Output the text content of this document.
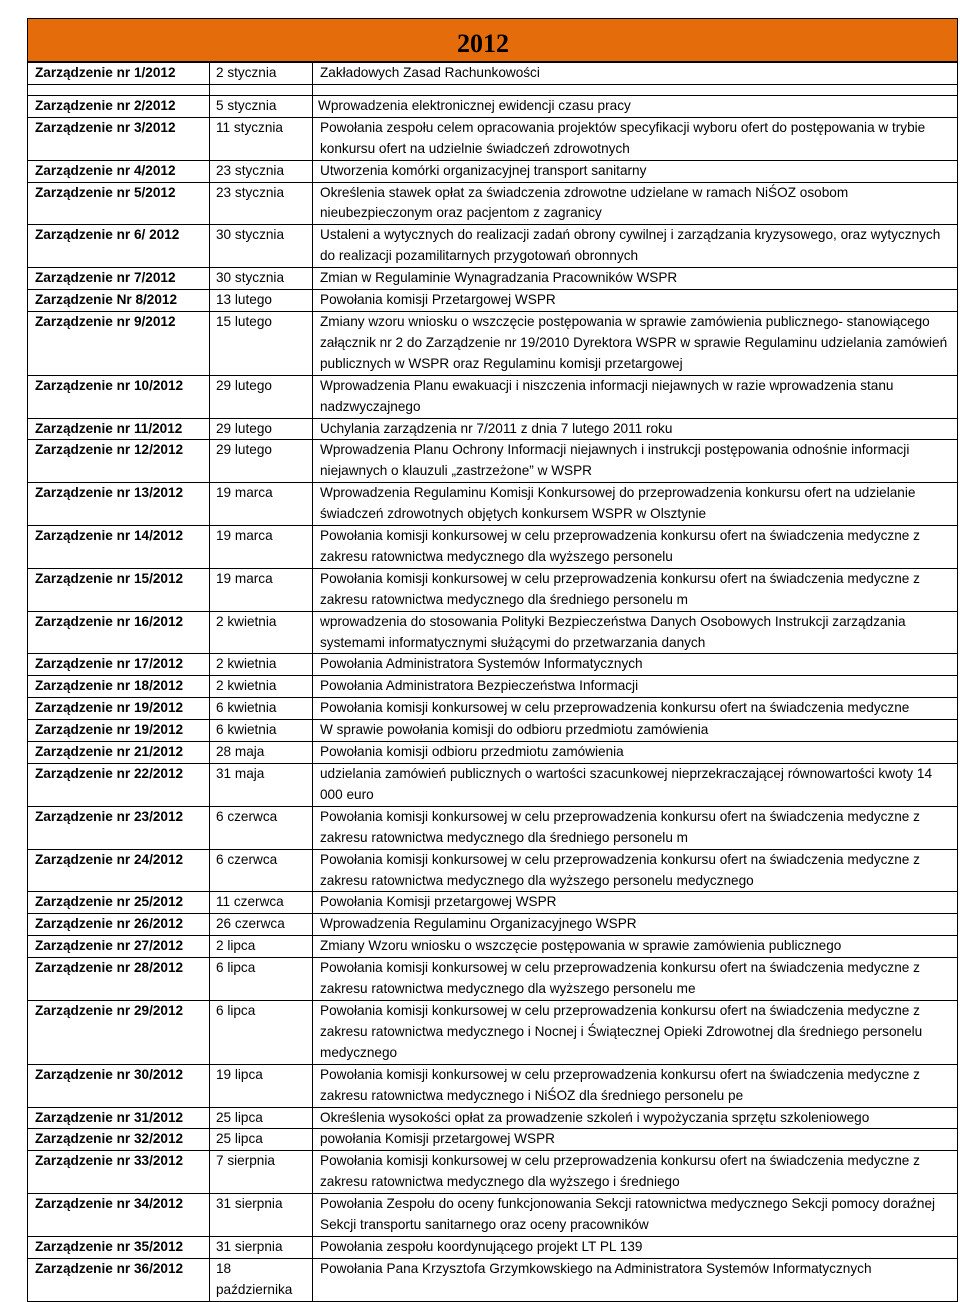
2012
Zarządzenie nr 1/2012	2 stycznia	Zakładowych Zasad Rachunkowości

Zarządzenie nr 2/2012	5 stycznia	Wprowadzenia elektronicznej ewidencji czasu pracy
Zarządzenie nr 3/2012	11 stycznia	Powołania zespołu celem opracowania projektów specyfikacji wyboru ofert do postępowania w trybie konkursu ofert na udzielnie świadczeń zdrowotnych
Zarządzenie nr 4/2012	23 stycznia	Utworzenia komórki organizacyjnej transport sanitarny
Zarządzenie nr 5/2012	23 stycznia	Określenia stawek opłat za świadczenia zdrowotne udzielane w ramach NiŚOZ osobom nieubezpieczonym oraz pacjentom z zagranicy
Zarządzenie nr 6/ 2012	30 stycznia	Ustaleni a wytycznych do realizacji zadań obrony cywilnej i zarządzania kryzysowego, oraz wytycznych do realizacji pozamilitarnych przygotowań obronnych
Zarządzenie nr 7/2012	30 stycznia	Zmian w Regulaminie Wynagradzania Pracowników WSPR
Zarządzenie Nr 8/2012	13 lutego	Powołania komisji Przetargowej WSPR
Zarządzenie nr 9/2012	15 lutego	Zmiany wzoru wniosku o wszczęcie postępowania w sprawie zamówienia publicznego- stanowiącego załącznik nr 2 do Zarządzenie nr 19/2010 Dyrektora WSPR w sprawie Regulaminu udzielania zamówień publicznych w WSPR oraz Regulaminu komisji przetargowej
Zarządzenie nr 10/2012	29 lutego	Wprowadzenia Planu ewakuacji i niszczenia informacji niejawnych w razie wprowadzenia stanu nadzwyczajnego
Zarządzenie nr 11/2012	29 lutego	Uchylania zarządzenia nr 7/2011 z dnia 7 lutego 2011 roku
Zarządzenie nr 12/2012	29 lutego	Wprowadzenia Planu Ochrony Informacji niejawnych i instrukcji postępowania odnośnie informacji niejawnych o klauzuli „zastrzeżone” w WSPR
Zarządzenie nr 13/2012	19 marca	Wprowadzenia Regulaminu Komisji Konkursowej do przeprowadzenia konkursu ofert na udzielanie świadczeń zdrowotnych objętych konkursem WSPR w Olsztynie
Zarządzenie nr 14/2012	19 marca	Powołania komisji konkursowej w celu przeprowadzenia konkursu ofert na świadczenia medyczne z zakresu ratownictwa medycznego dla wyższego personelu
Zarządzenie nr 15/2012	19 marca	Powołania komisji konkursowej w celu przeprowadzenia konkursu ofert na świadczenia medyczne z zakresu ratownictwa medycznego dla średniego personelu m
Zarządzenie nr 16/2012	2 kwietnia	wprowadzenia do stosowania Polityki Bezpieczeństwa Danych Osobowych Instrukcji zarządzania systemami informatycznymi służącymi do przetwarzania danych
Zarządzenie nr 17/2012	2 kwietnia	Powołania Administratora Systemów Informatycznych
Zarządzenie nr 18/2012	2 kwietnia	Powołania Administratora Bezpieczeństwa Informacji
Zarządzenie nr 19/2012	6 kwietnia	Powołania komisji konkursowej w celu przeprowadzenia konkursu ofert na świadczenia medyczne
Zarządzenie nr 19/2012	6 kwietnia	W sprawie powołania komisji do odbioru przedmiotu zamówienia
Zarządzenie nr 21/2012	28 maja	Powołania komisji odbioru przedmiotu zamówienia
Zarządzenie nr 22/2012	31 maja	udzielania zamówień publicznych o wartości szacunkowej nieprzekraczającej równowartości kwoty 14 000 euro
Zarządzenie nr 23/2012	6 czerwca	Powołania komisji konkursowej w celu przeprowadzenia konkursu ofert na świadczenia medyczne z zakresu ratownictwa medycznego dla średniego personelu m
Zarządzenie nr 24/2012	6 czerwca	Powołania komisji konkursowej w celu przeprowadzenia konkursu ofert na świadczenia medyczne z zakresu ratownictwa medycznego dla wyższego personelu medycznego
Zarządzenie nr 25/2012	11 czerwca	Powołania Komisji przetargowej WSPR
Zarządzenie nr 26/2012	26 czerwca	Wprowadzenia Regulaminu Organizacyjnego WSPR
Zarządzenie nr 27/2012	2 lipca	Zmiany Wzoru wniosku o wszczęcie postępowania w sprawie zamówienia publicznego
Zarządzenie nr 28/2012	6 lipca	Powołania komisji konkursowej w celu przeprowadzenia konkursu ofert na świadczenia medyczne z zakresu ratownictwa medycznego dla wyższego personelu me
Zarządzenie nr 29/2012	6 lipca	Powołania komisji konkursowej w celu przeprowadzenia konkursu ofert na świadczenia medyczne z zakresu ratownictwa medycznego i Nocnej i Świątecznej Opieki Zdrowotnej dla średniego personelu medycznego
Zarządzenie nr 30/2012	19 lipca	Powołania komisji konkursowej w celu przeprowadzenia konkursu ofert na świadczenia medyczne z zakresu ratownictwa medycznego i NiŚOZ dla średniego personelu pe
Zarządzenie nr 31/2012	25 lipca	Określenia wysokości opłat za prowadzenie szkoleń i wypożyczania sprzętu szkoleniowego
Zarządzenie nr 32/2012	25 lipca	powołania Komisji przetargowej WSPR
Zarządzenie nr 33/2012	7 sierpnia	Powołania komisji konkursowej w celu przeprowadzenia konkursu ofert na świadczenia medyczne z zakresu ratownictwa medycznego dla wyższego i średniego
Zarządzenie nr 34/2012	31 sierpnia	Powołania Zespołu do oceny funkcjonowania Sekcji ratownictwa medycznego Sekcji pomocy doraźnej Sekcji transportu sanitarnego oraz oceny pracowników
Zarządzenie nr 35/2012	31 sierpnia	Powołania zespołu koordynującego projekt LT PL 139
Zarządzenie nr 36/2012	18 października	Powołania Pana Krzysztofa Grzymkowskiego na Administratora Systemów Informatycznych
